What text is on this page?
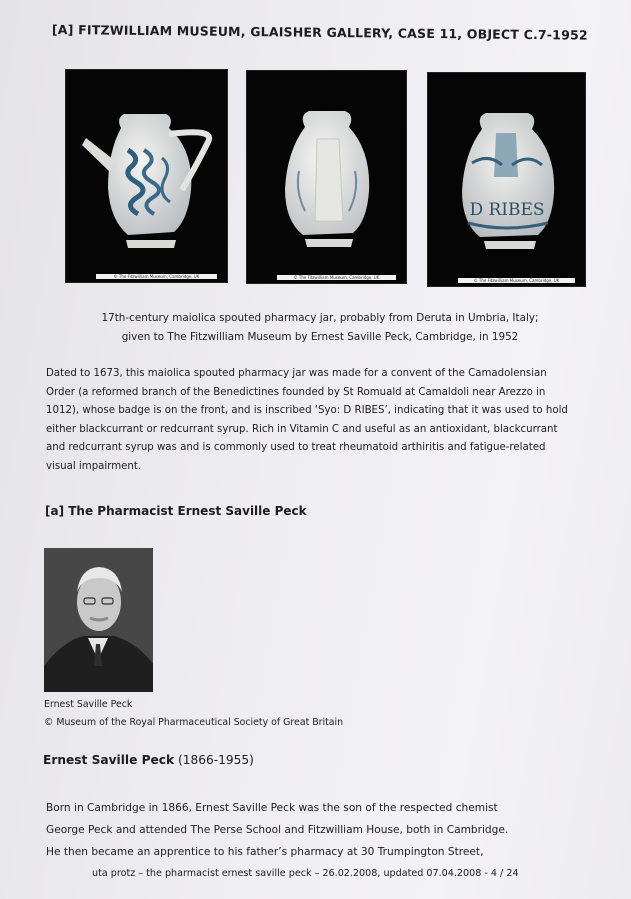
[A] FITZWILLIAM MUSEUM, GLAISHER GALLERY, CASE 11, OBJECT C.7-1952
© The Fitzwilliam Museum, Cambridge, UK	© The Fitzwilliam Museum, Cambridge, UK
D RIBES
© The Fitzwilliam Museum, Cambridge, UK
17th-century maiolica spouted pharmacy jar, probably from Deruta in Umbria, Italy;
given to The Fitzwilliam Museum by Ernest Saville Peck, Cambridge, in 1952
Dated to 1673, this maiolica spouted pharmacy jar was made for a convent of the Camadolensian
Order (a reformed branch of the Benedictines founded by St Romuald at Camaldoli near Arezzo in
1012), whose badge is on the front, and is inscribed ‘Syo: D RIBES’, indicating that it was used to hold
either blackcurrant or redcurrant syrup. Rich in Vitamin C and useful as an antioxidant, blackcurrant
and redcurrant syrup was and is commonly used to treat rheumatoid arthiritis and fatigue-related
visual impairment.
[a] The Pharmacist Ernest Saville Peck
Ernest Saville Peck
© Museum of the Royal Pharmaceutical Society of Great Britain
Ernest Saville Peck (1866-1955)
Born in Cambridge in 1866, Ernest Saville Peck was the son of the respected chemist
George Peck and attended The Perse School and Fitzwilliam House, both in Cambridge.
He then became an apprentice to his father’s pharmacy at 30 Trumpington Street,
uta protz – the pharmacist ernest saville peck – 26.02.2008, updated 07.04.2008 - 4 / 24
